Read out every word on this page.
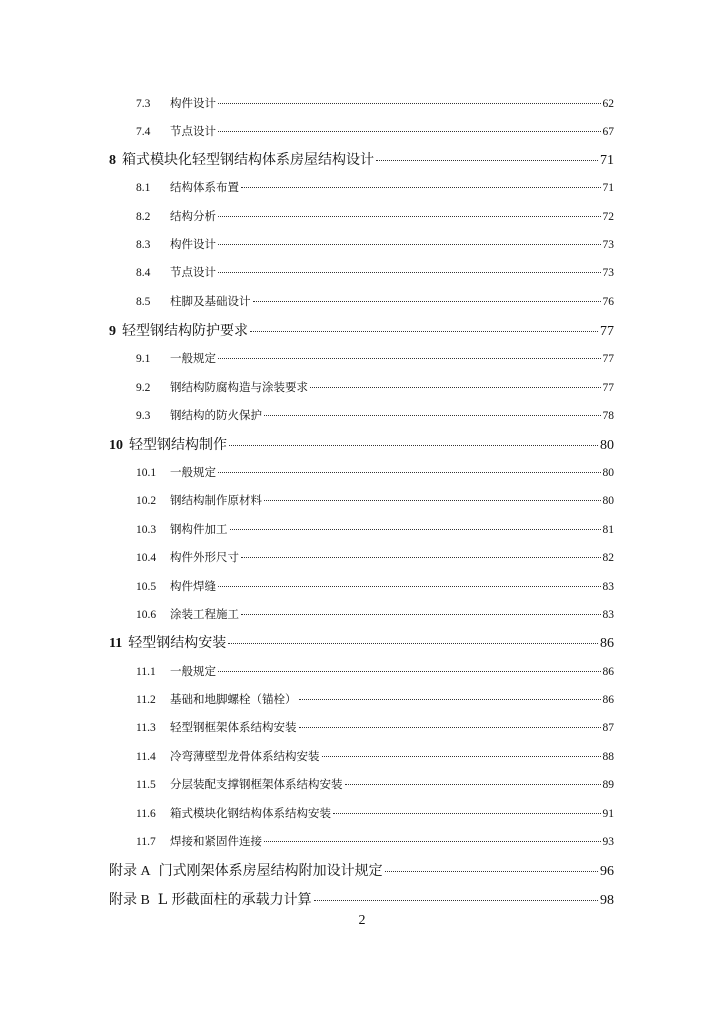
7.3	构件设计	62
7.4	节点设计	67
8 箱式模块化轻型钢结构体系房屋结构设计	71
8.1	结构体系布置	71
8.2	结构分析	72
8.3	构件设计	73
8.4	节点设计	73
8.5	柱脚及基础设计	76
9 轻型钢结构防护要求	77
9.1	一般规定	77
9.2	钢结构防腐构造与涂装要求	77
9.3	钢结构的防火保护	78
10 轻型钢结构制作	80
10.1	一般规定	80
10.2	钢结构制作原材料	80
10.3	钢构件加工	81
10.4	构件外形尺寸	82
10.5	构件焊缝	83
10.6	涂装工程施工	83
11 轻型钢结构安装	86
11.1	一般规定	86
11.2	基础和地脚螺栓（锚栓）	86
11.3	轻型钢框架体系结构安装	87
11.4	冷弯薄壁型龙骨体系结构安装	88
11.5	分层装配支撑钢框架体系结构安装	89
11.6	箱式模块化钢结构体系结构安装	91
11.7	焊接和紧固件连接	93
附录 A 门式刚架体系房屋结构附加设计规定	96
附录 B L 形截面柱的承载力计算	98
2
